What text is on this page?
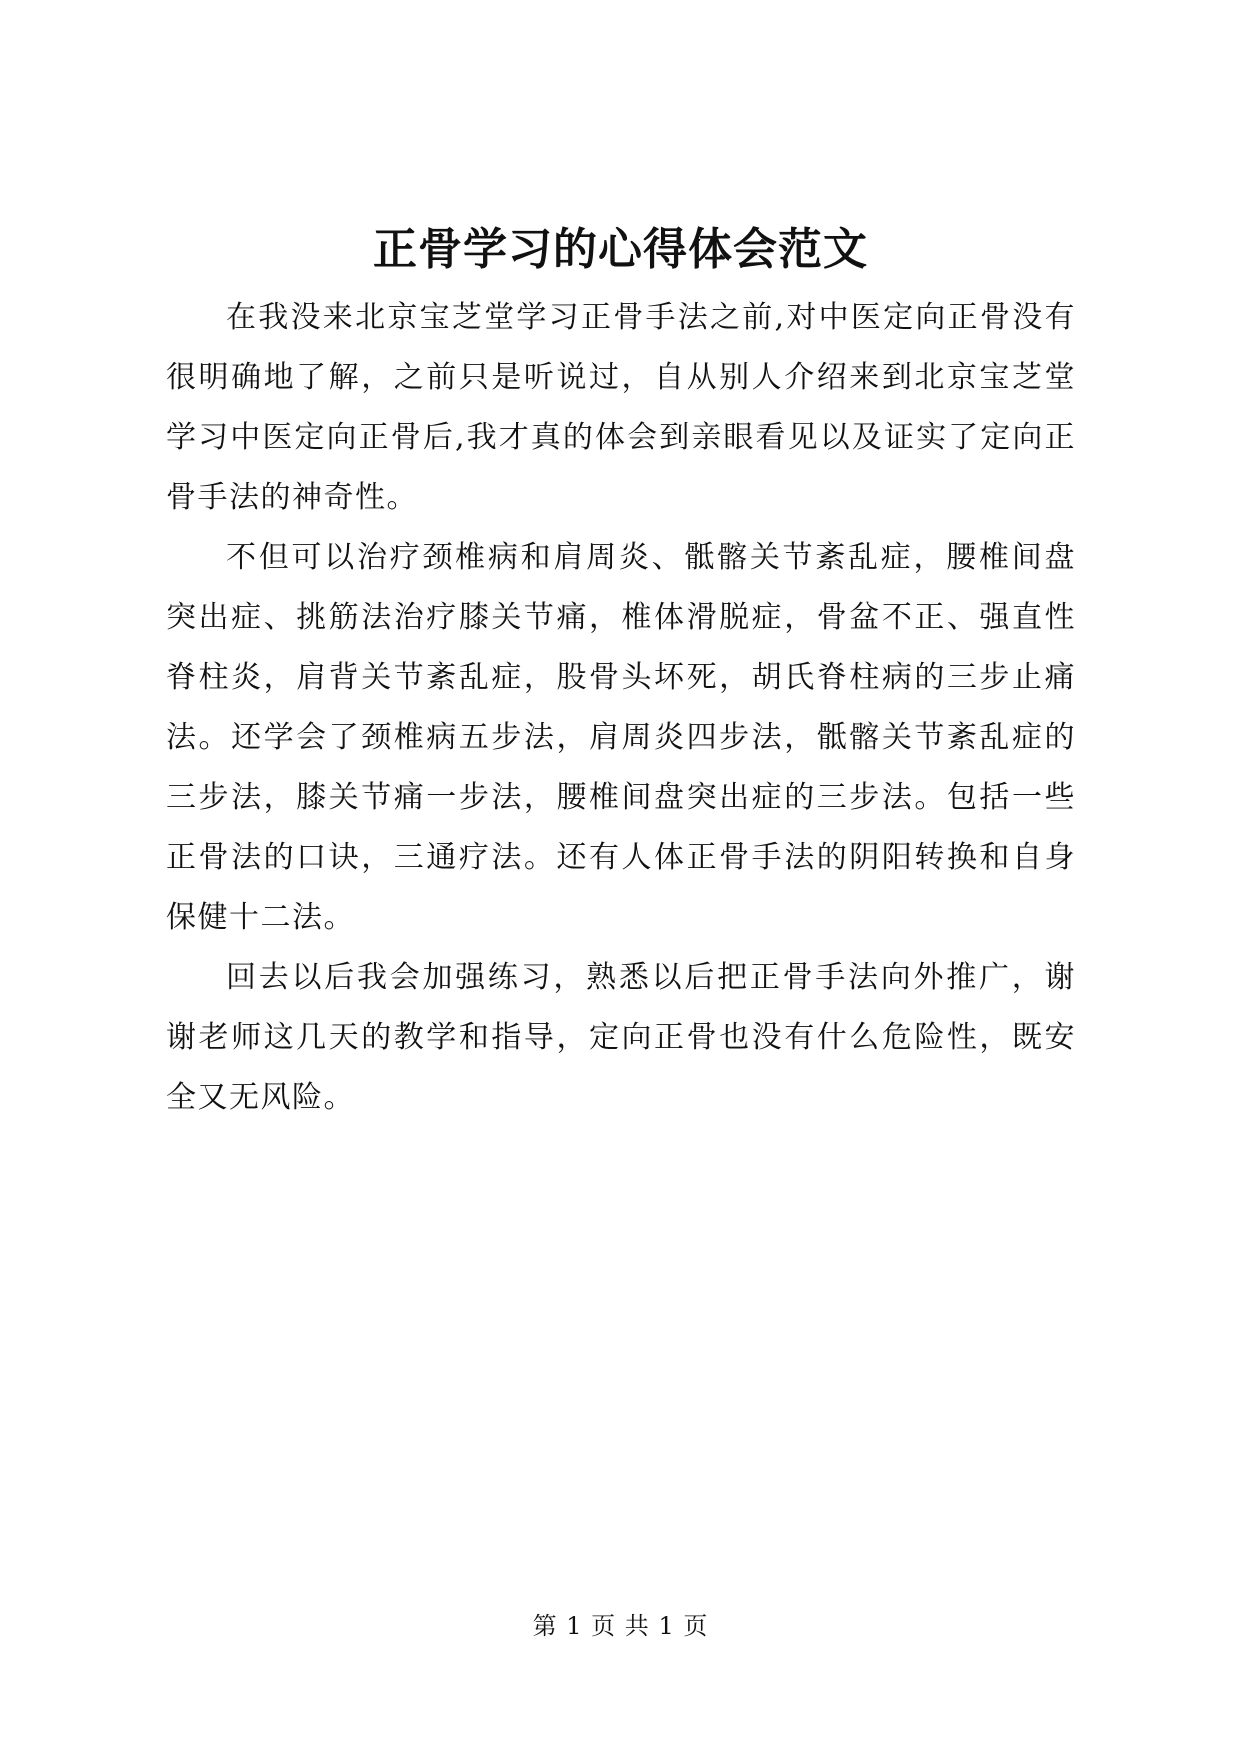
正骨学习的心得体会范文

在我没来北京宝芝堂学习正骨手法之前,对中医定向正骨没有很明确地了解，之前只是听说过，自从别人介绍来到北京宝芝堂学习中医定向正骨后,我才真的体会到亲眼看见以及证实了定向正骨手法的神奇性。

不但可以治疗颈椎病和肩周炎、骶髂关节紊乱症，腰椎间盘突出症、挑筋法治疗膝关节痛，椎体滑脱症，骨盆不正、强直性脊柱炎，肩背关节紊乱症，股骨头坏死，胡氏脊柱病的三步止痛法。还学会了颈椎病五步法，肩周炎四步法，骶髂关节紊乱症的三步法，膝关节痛一步法，腰椎间盘突出症的三步法。包括一些正骨法的口诀，三通疗法。还有人体正骨手法的阴阳转换和自身保健十二法。

回去以后我会加强练习，熟悉以后把正骨手法向外推广，谢谢老师这几天的教学和指导，定向正骨也没有什么危险性，既安全又无风险。

第 1 页 共 1 页
